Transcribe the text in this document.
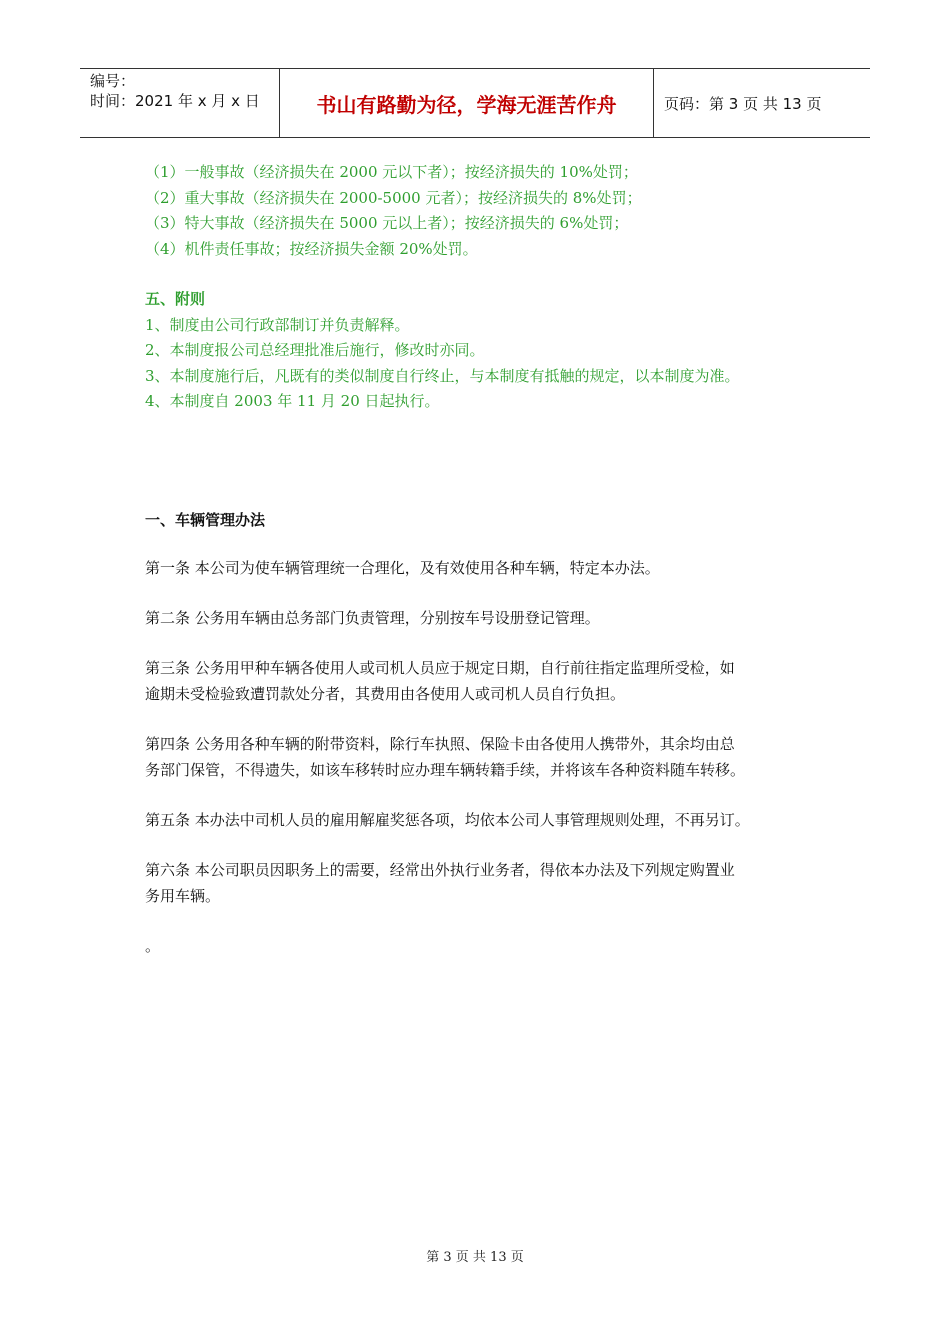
编号：
时间：2021 年 x 月 x 日	书山有路勤为径，学海无涯苦作舟	页码：第 3 页 共 13 页
（1）一般事故（经济损失在 2000 元以下者）；按经济损失的 10%处罚；
（2）重大事故（经济损失在 2000-5000 元者）；按经济损失的 8%处罚；
（3）特大事故（经济损失在 5000 元以上者）；按经济损失的 6%处罚；
（4）机件责任事故；按经济损失金额 20%处罚。
五、附则
1、制度由公司行政部制订并负责解释。
2、本制度报公司总经理批准后施行，修改时亦同。
3、本制度施行后，凡既有的类似制度自行终止，与本制度有抵触的规定，以本制度为准。
4、本制度自 2003 年 11 月 20 日起执行。
一、车辆管理办法

第一条 本公司为使车辆管理统一合理化，及有效使用各种车辆，特定本办法。

第二条 公务用车辆由总务部门负责管理，分别按车号设册登记管理。

第三条 公务用甲种车辆各使用人或司机人员应于规定日期，自行前往指定监理所受检，如
逾期未受检验致遭罚款处分者，其费用由各使用人或司机人员自行负担。

第四条 公务用各种车辆的附带资料，除行车执照、保险卡由各使用人携带外，其余均由总
务部门保管，不得遗失，如该车移转时应办理车辆转籍手续，并将该车各种资料随车转移。

第五条 本办法中司机人员的雇用解雇奖惩各项，均依本公司人事管理规则处理，不再另订。

第六条 本公司职员因职务上的需要，经常出外执行业务者，得依本办法及下列规定购置业
务用车辆。

。

第 3 页 共 13 页
